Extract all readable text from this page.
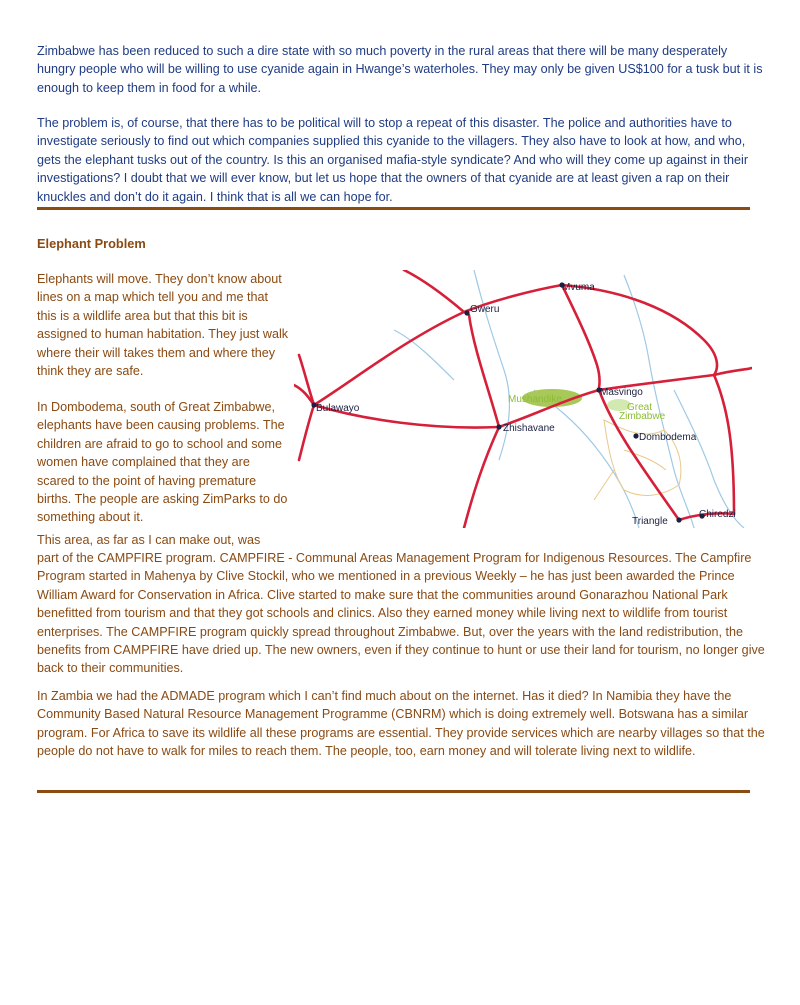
Zimbabwe has been reduced to such a dire state with so much poverty in the rural areas that there will be many desperately hungry people who will be willing to use cyanide again in Hwange’s waterholes. They may only be given US$100 for a tusk but it is enough to keep them in food for a while.

The problem is, of course, that there has to be political will to stop a repeat of this disaster. The police and authorities have to investigate seriously to find out which companies supplied this cyanide to the villagers. They also have to look at how, and who, gets the elephant tusks out of the country. Is this an organised mafia-style syndicate? And who will they come up against in their investigations? I doubt that we will ever know, but let us hope that the owners of that cyanide are at least given a rap on their knuckles and don’t do it again. I think that is all we can hope for.

Elephant Problem

Elephants will move. They don’t know about lines on a map which tell you and me that this is a wildlife area but that this bit is assigned to human habitation. They just walk where their will takes them and where they think they are safe.

In Dombodema, south of Great Zimbabwe, elephants have been causing problems. The children are afraid to go to school and some women have complained that they are scared to the point of having premature births. The people are asking ZimParks to do something about it.

This area, as far as I can make out, was

part of the CAMPFIRE program. CAMPFIRE - Communal Areas Management Program for Indigenous Resources. The Campfire Program started in Mahenya by Clive Stockil, who we mentioned in a previous Weekly – he has just been awarded the Prince William Award for Conservation in Africa. Clive started to make sure that the communities around Gonarazhou National Park benefitted from tourism and that they got schools and clinics. Also they earned money while living next to wildlife from tourist enterprises. The CAMPFIRE program quickly spread throughout Zimbabwe. But, over the years with the land redistribution, the benefits from CAMPFIRE have dried up. The new owners, even if they continue to hunt or use their land for tourism, no longer give back to their communities.

In Zambia we had the ADMADE program which I can’t find much about on the internet. Has it died? In Namibia they have the Community Based Natural Resource Management Programme (CBNRM) which is doing extremely well. Botswana has a similar program. For Africa to save its wildlife all these programs are essential. They provide services which are nearby villages so that the people do not have to walk for miles to reach them. The people, too, earn money and will tolerate living next to wildlife.

Mvuma
Gweru
Bulawayo
Mushandike
Masvingo
Great
Zimbabwe
Zhishavane
Dombodema
Triangle
Chiredzi
